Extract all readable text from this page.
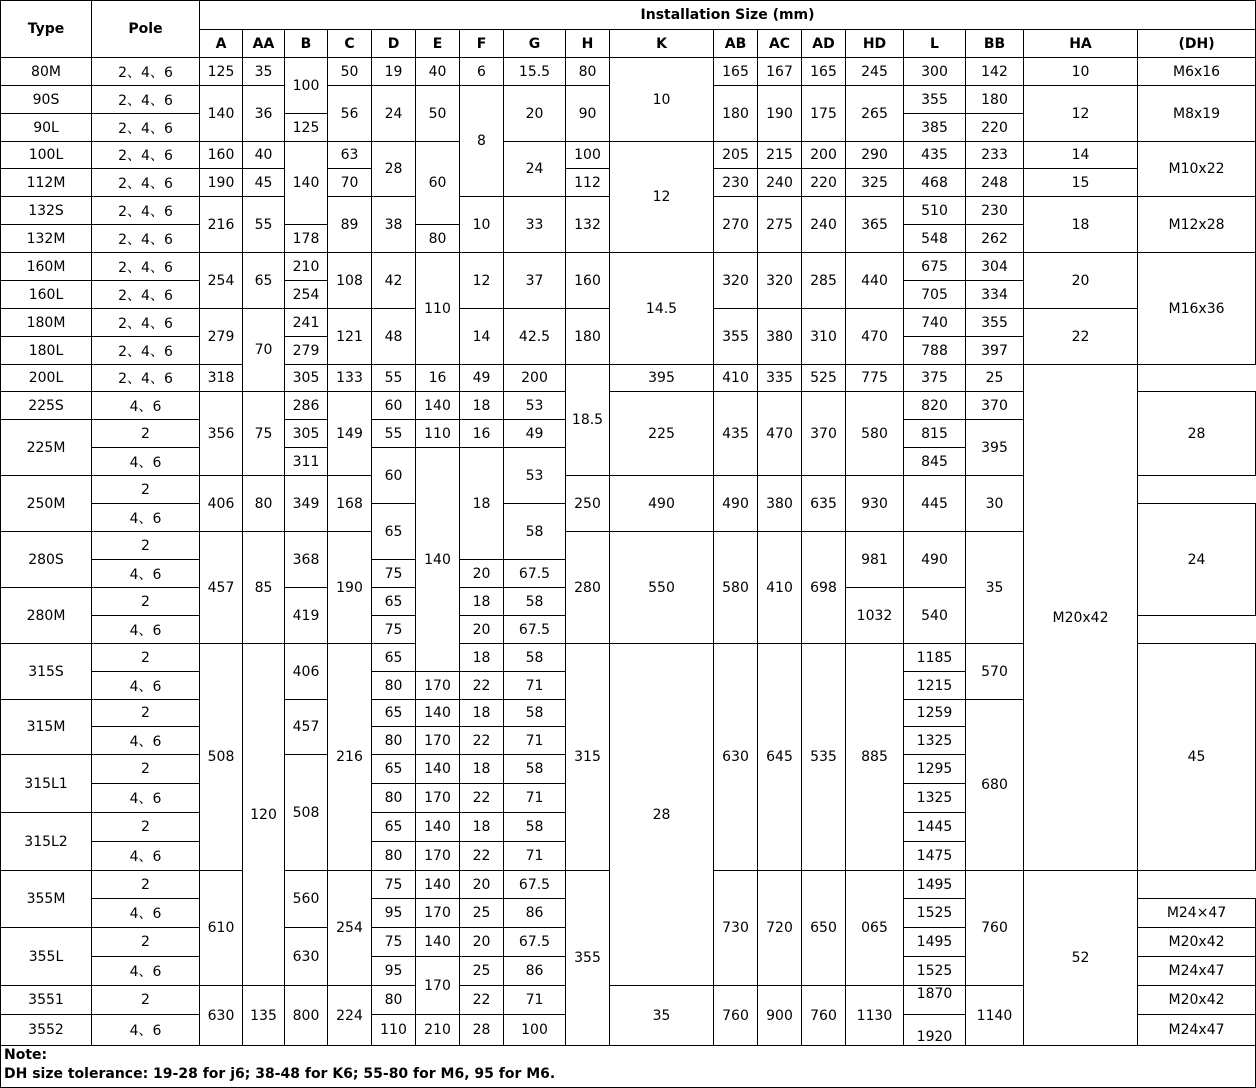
Type	Pole	Installation Size (mm)																	
		A	AA	B	C	D	E	F	G	H	K	AB	AC	AD	HD	L	BB	HA	(DH)
80M	2、4、6	125	35	100	50	19	40	6	15.5	80	10	165	167	165	245	300	142	10	M6x16
90S	2、4、6	140	36		56	24	50	8	20	90		180	190	175	265	355	180	12	M8x19
90L	2、4、6			125												385	220		
100L	2、4、6	160	40	140	63	28	60		24	100	12	205	215	200	290	435	233	14	M10x22
112M	2、4、6	190	45		70					112		230	240	220	325	468	248	15	
132S	2、4、6	216	55		89	38		10	33	132		270	275	240	365	510	230	18	M12x28
132M	2、4、6			178			80									548	262		
160M	2、4、6	254	65	210	108	42	110	12	37	160	14.5	320	320	285	440	675	304	20	M16x36
160L	2、4、6			254												705	334		
180M	2、4、6	279	70	241	121	48		14	42.5	180		355	380	310	470	740	355	22	
180L	2、4、6			279												788	397		
200L	2、4、6	318		305	133	55	16	49	200	18.5	395	410	335	525	775	375	25	M20x42	
225S	4、6	356	75	286	149	60	140	18	53		225	435	470	370	580	820	370		28
225M	2			305		55	110	16	49							815	395		
	4、6			311		60	140	18	53							845			
250M	2	406	80	349	168					250	490	490	380	635	930	445	30		
	4、6					65			58										24
280S	2	457	85	368	190					280	550	580	410	698	981	490	35		
	4、6					75		20	67.5										
280M	2			419		65		18	58						1032	540			
	4、6					75		20	67.5										
315S	2	508	120	406	216	65		18	58	315	28	630	645	535	885	1185	570		45
	4、6					80	170	22	71							1215			
315M	2			457		65	140	18	58							1259	680		
	4、6					80	170	22	71							1325			
315L1	2			508		65	140	18	58							1295			
	4、6					80	170	22	71							1325			
315L2	2					65	140	18	58							1445			
	4、6					80	170	22	71							1475			
355M	2	610		560	254	75	140	20	67.5	355		730	720	650	065	1495	760	52	
	4、6					95	170	25	86							1525			M24×47
355L	2			630		75	140	20	67.5							1495			M20x42
	4、6					95	170	25	86							1525			M24x47
3551	2	630	135	800	224	80		22	71		35	760	900	760	1130	1870	1140		M20x42
3552	4、6					110	210	28	100							1920			M24x47

Note:
DH size tolerance: 19-28 for j6; 38-48 for K6; 55-80 for M6, 95 for M6.																			
